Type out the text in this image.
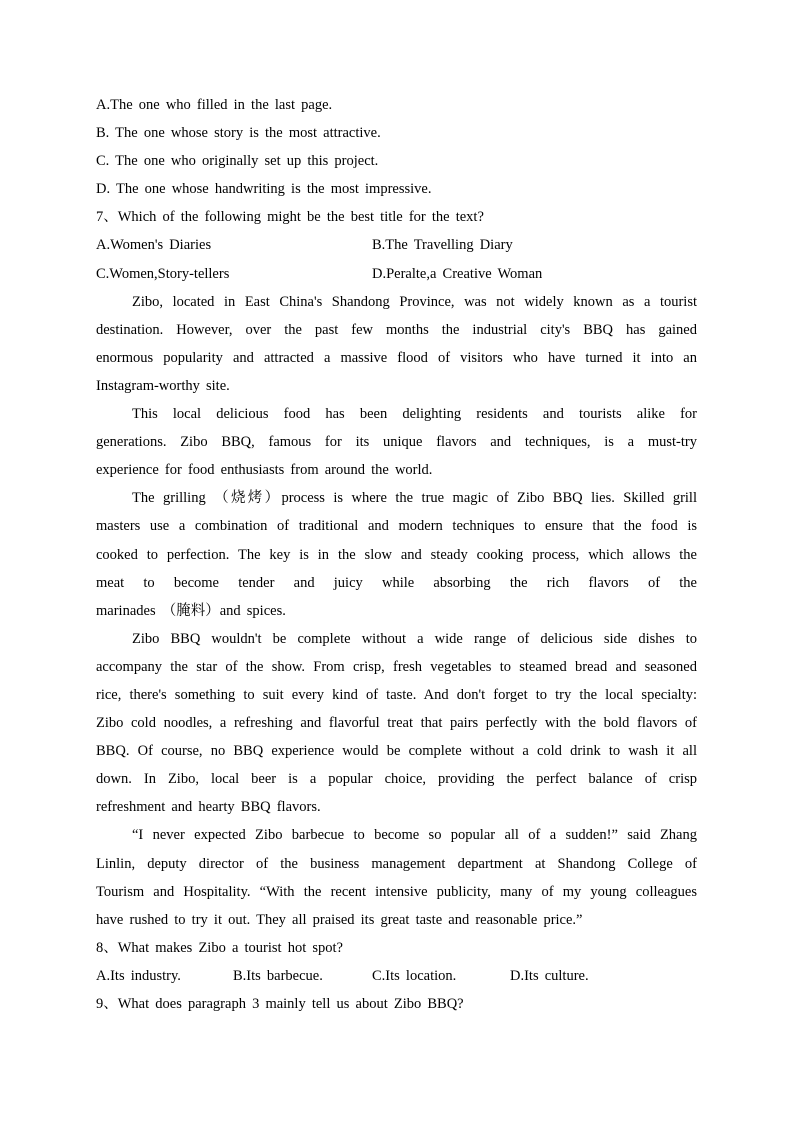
A.The one who filled in the last page.
B. The one whose story is the most attractive.
C. The one who originally set up this project.
D. The one whose handwriting is the most impressive.
7、Which of the following might be the best title for the text?
A.Women's Diaries	B.The Travelling Diary
C.Women,Story-tellers	D.Peralte,a Creative Woman
Zibo, located in East China's Shandong Province, was not widely known as a tourist
destination. However, over the past few months the industrial city's BBQ has gained
enormous popularity and attracted a massive flood of visitors who have turned it into an
Instagram-worthy site.
This local delicious food has been delighting residents and tourists alike for
generations. Zibo BBQ, famous for its unique flavors and techniques, is a must-try
experience for food enthusiasts from around the world.
The grilling （烧烤）process is where the true magic of Zibo BBQ lies. Skilled grill
masters use a combination of traditional and modern techniques to ensure that the food is
cooked to perfection. The key is in the slow and steady cooking process, which allows the
meat to become tender and juicy while absorbing the rich flavors of the
marinades （腌料）and spices.
Zibo BBQ wouldn't be complete without a wide range of delicious side dishes to
accompany the star of the show. From crisp, fresh vegetables to steamed bread and seasoned
rice, there's something to suit every kind of taste. And don't forget to try the local specialty:
Zibo cold noodles, a refreshing and flavorful treat that pairs perfectly with the bold flavors of
BBQ. Of course, no BBQ experience would be complete without a cold drink to wash it all
down. In Zibo, local beer is a popular choice, providing the perfect balance of crisp
refreshment and hearty BBQ flavors.
“I never expected Zibo barbecue to become so popular all of a sudden!” said Zhang
Linlin, deputy director of the business management department at Shandong College of
Tourism and Hospitality. “With the recent intensive publicity, many of my young colleagues
have rushed to try it out. They all praised its great taste and reasonable price.”
8、What makes Zibo a tourist hot spot?
A.Its industry.	B.Its barbecue.	C.Its location.	D.Its culture.
9、What does paragraph 3 mainly tell us about Zibo BBQ?
